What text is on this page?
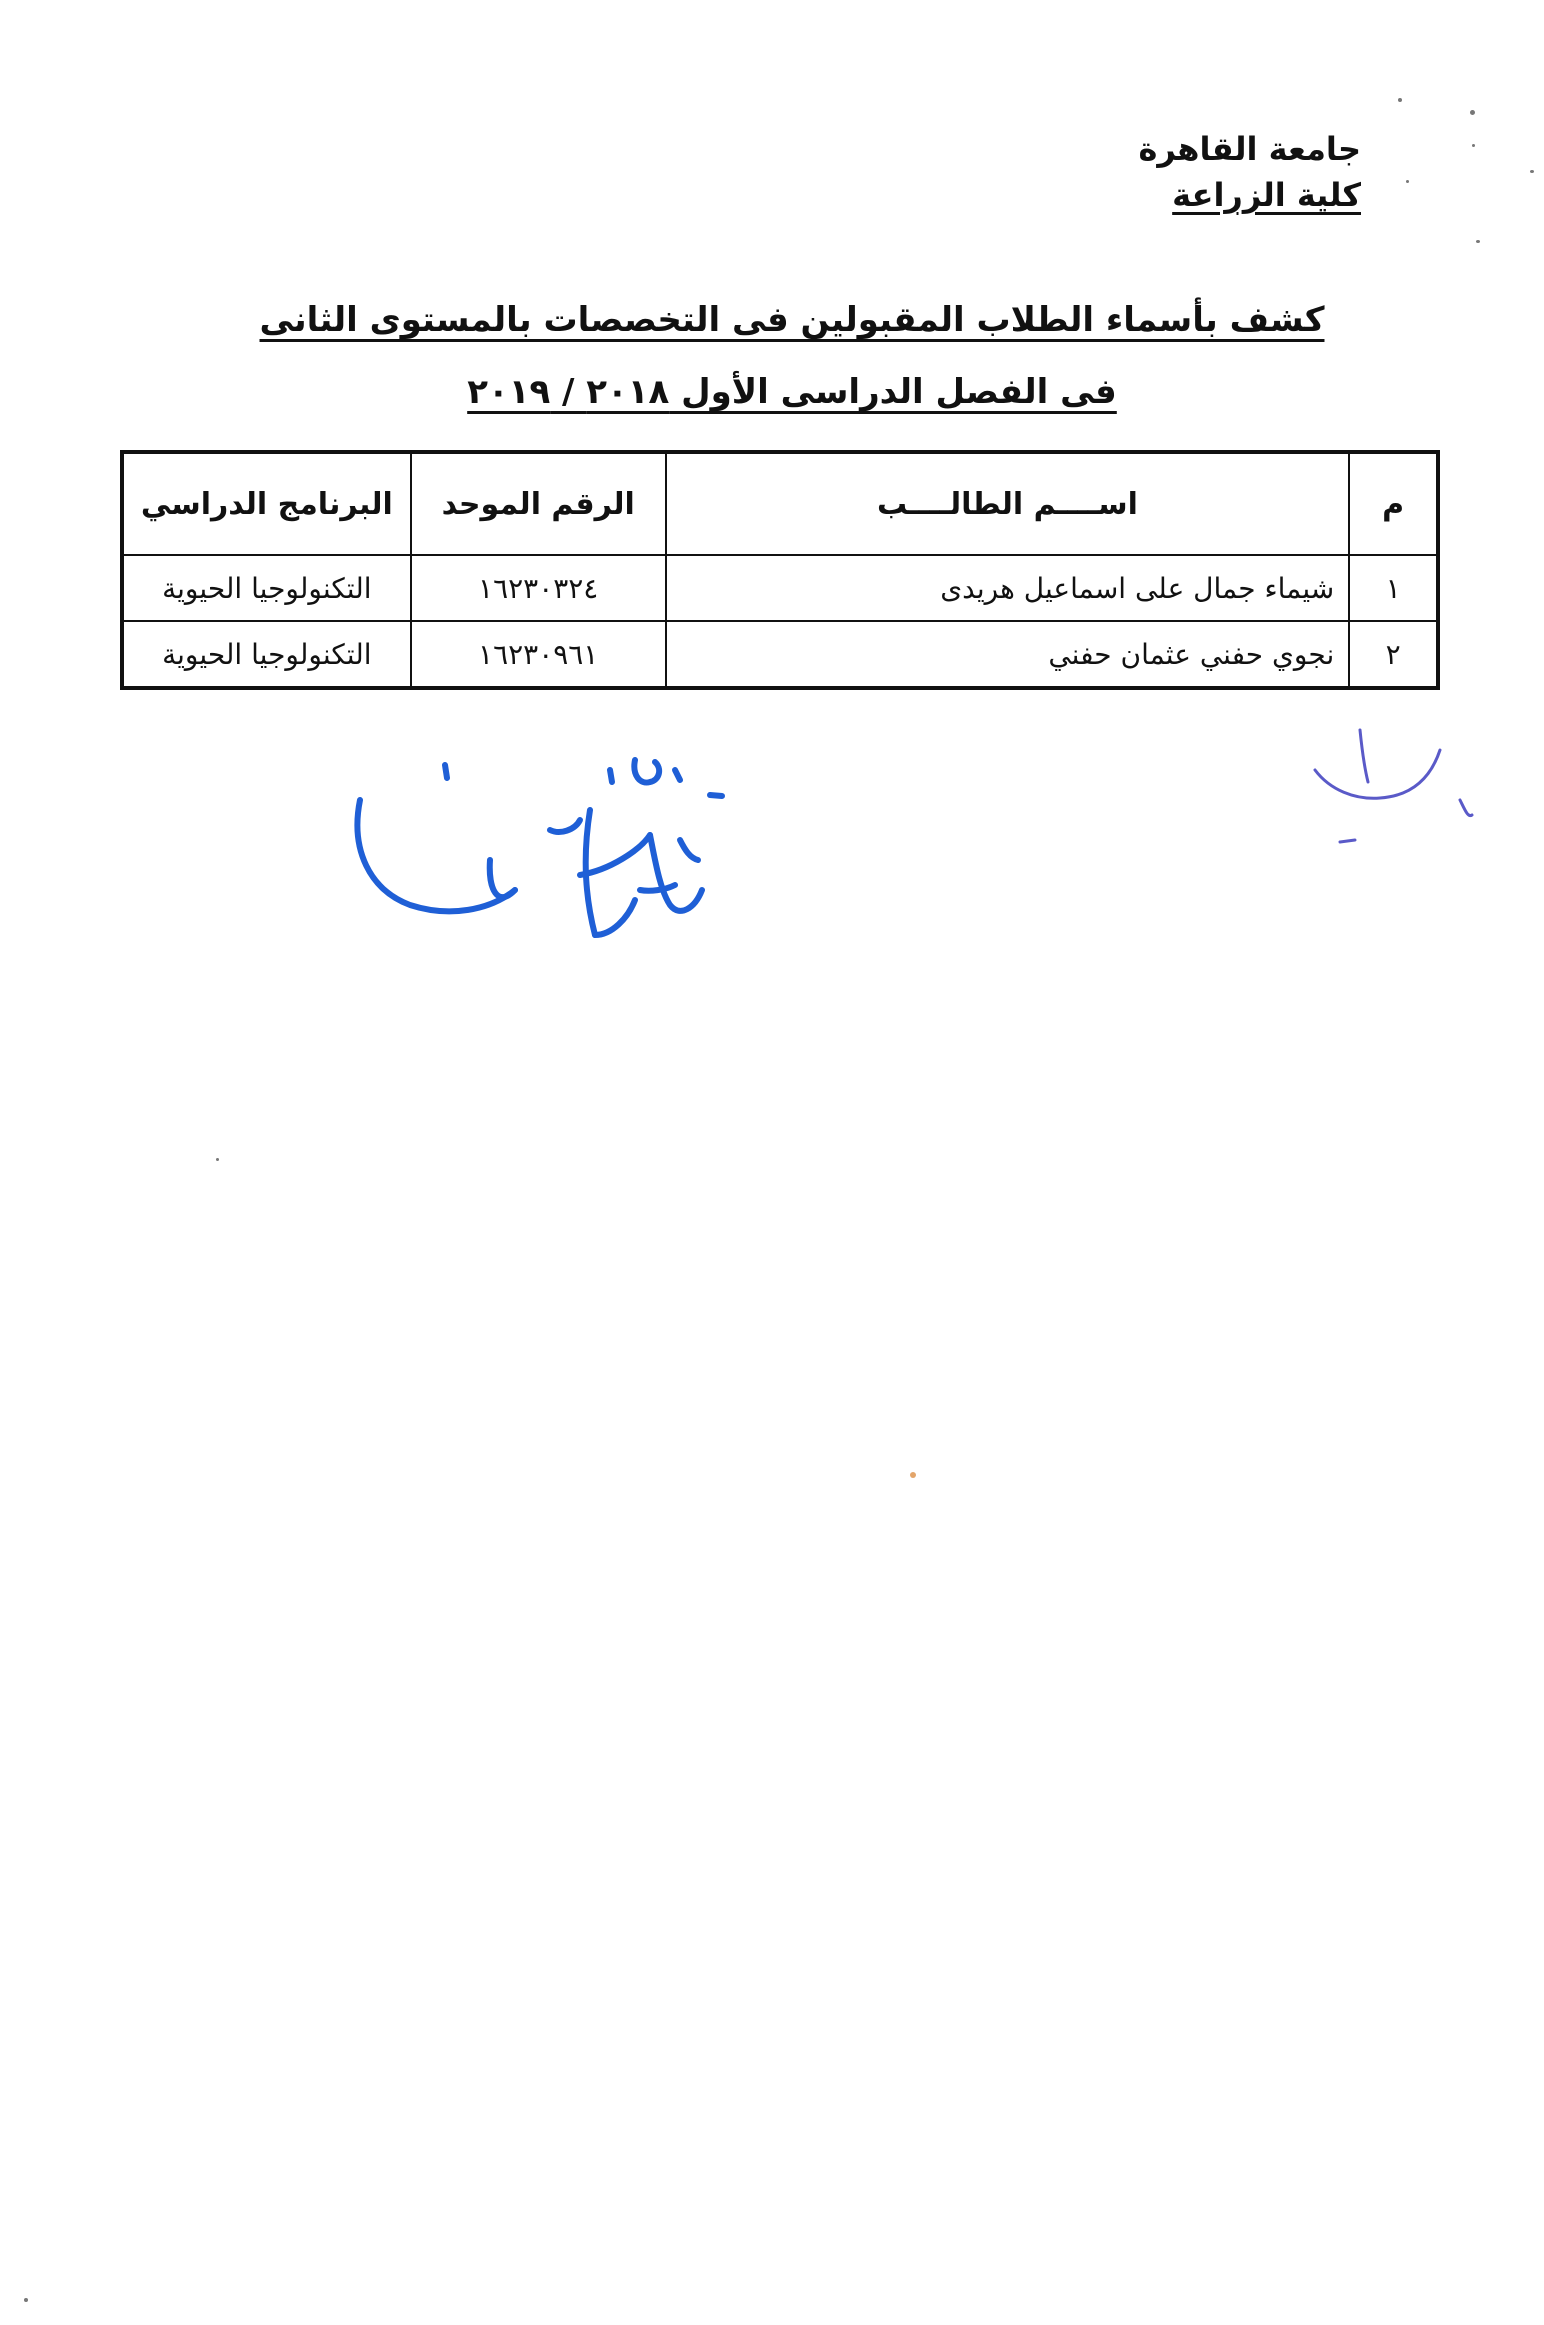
جامعة القاهرة
كلية الزراعة
كشف بأسماء الطلاب المقبولين فى التخصصات بالمستوى الثانى
فى الفصل الدراسى الأول ٢٠١٨ / ٢٠١٩
م	اســــم الطالــــب	الرقم الموحد	البرنامج الدراسي
١	شيماء جمال على اسماعيل هريدى	١٦٢٣٠٣٢٤	التكنولوجيا الحيوية
٢	نجوي حفني عثمان حفني	١٦٢٣٠٩٦١	التكنولوجيا الحيوية
